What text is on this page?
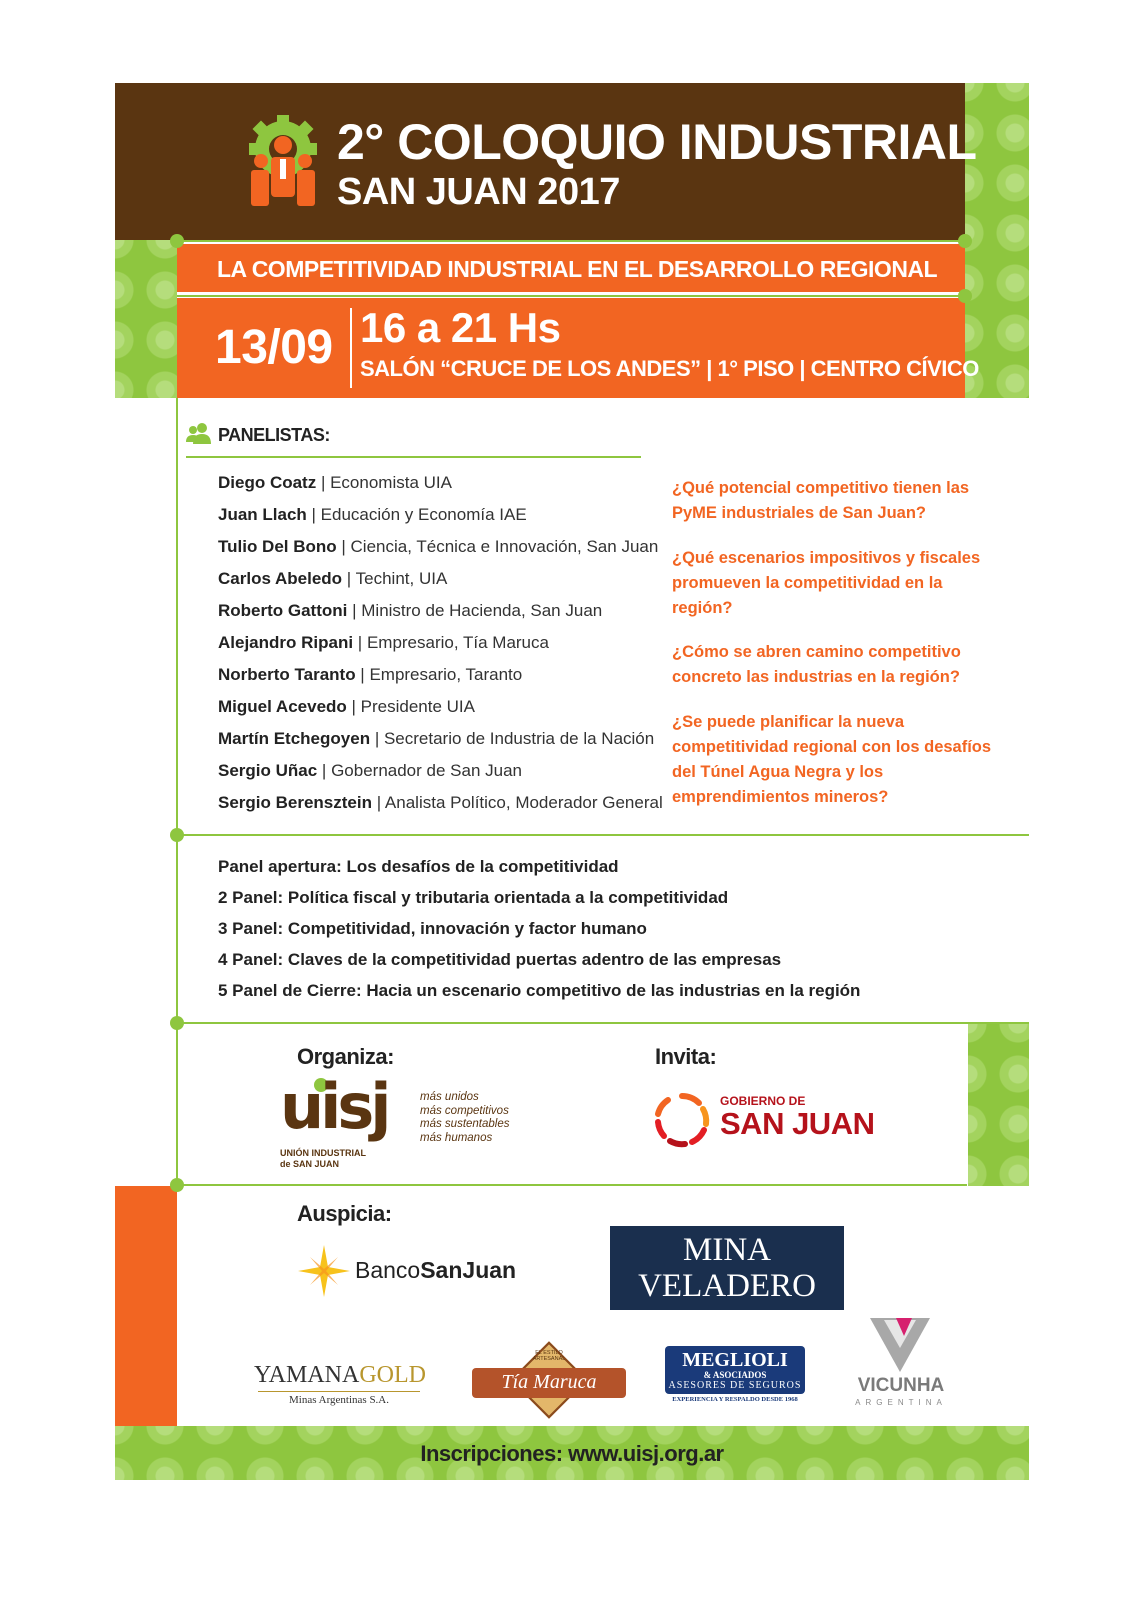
2° COLOQUIO INDUSTRIAL
SAN JUAN 2017
LA COMPETITIVIDAD INDUSTRIAL EN EL DESARROLLO REGIONAL
13/09 16 a 21 Hs
SALÓN “CRUCE DE LOS ANDES” | 1° PISO | CENTRO CÍVICO
PANELISTAS:
Diego Coatz | Economista UIA
Juan Llach | Educación y Economía IAE
Tulio Del Bono | Ciencia, Técnica e Innovación, San Juan
Carlos Abeledo | Techint, UIA
Roberto Gattoni | Ministro de Hacienda, San Juan
Alejandro Ripani | Empresario, Tía Maruca
Norberto Taranto | Empresario, Taranto
Miguel Acevedo | Presidente UIA
Martín Etchegoyen | Secretario de Industria de la Nación
Sergio Uñac | Gobernador de San Juan
Sergio Berensztein | Analista Político, Moderador General
¿Qué potencial competitivo tienen las PyME industriales de San Juan?
¿Qué escenarios impositivos y fiscales promueven la competitividad en la región?
¿Cómo se abren camino competitivo concreto las industrias en la región?
¿Se puede planificar la nueva competitividad regional con los desafíos del Túnel Agua Negra y los emprendimientos mineros?
Panel apertura: Los desafíos de la competitividad
2 Panel: Política fiscal y tributaria orientada a la competitividad
3 Panel: Competitividad, innovación y factor humano
4 Panel: Claves de la competitividad puertas adentro de las empresas
5 Panel de Cierre: Hacia un escenario competitivo de las industrias en la región
Organiza:
uisj
UNIÓN INDUSTRIAL
de SAN JUAN
más unidos
más competitivos
más sustentables
más humanos
Invita:
GOBIERNO DE
SAN JUAN
Auspicia:
BancoSanJuan
MINA
VELADERO
YAMANAGOLD
Minas Argentinas S.A.
EL ESTILO ARTESANAL
Tía Maruca
MEGLIOLI
& ASOCIADOS
ASESORES DE SEGUROS
EXPERIENCIA Y RESPALDO DESDE 1968
VICUNHA
ARGENTINA
Inscripciones: www.uisj.org.ar
